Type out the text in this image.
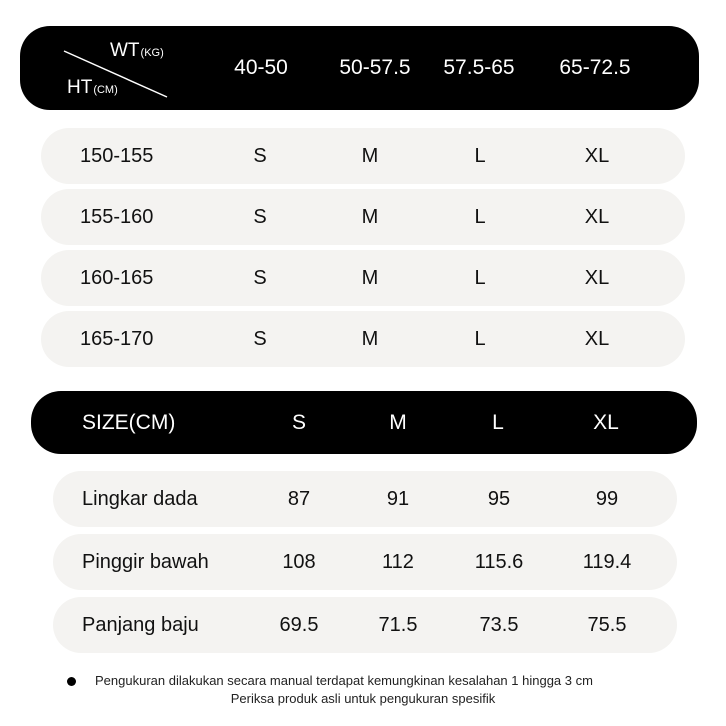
WT(KG)
HT(CM)
40-50	50-57.5	57.5-65	65-72.5
150-155	S	M	L	XL
155-160	S	M	L	XL
160-165	S	M	L	XL
165-170	S	M	L	XL
SIZE(CM)	S	M	L	XL
Lingkar dada	87	91	95	99
Pinggir bawah	108	112	115.6	119.4
Panjang baju	69.5	71.5	73.5	75.5
Pengukuran dilakukan secara manual terdapat kemungkinan kesalahan 1 hingga 3 cm
Periksa produk asli untuk pengukuran spesifik
